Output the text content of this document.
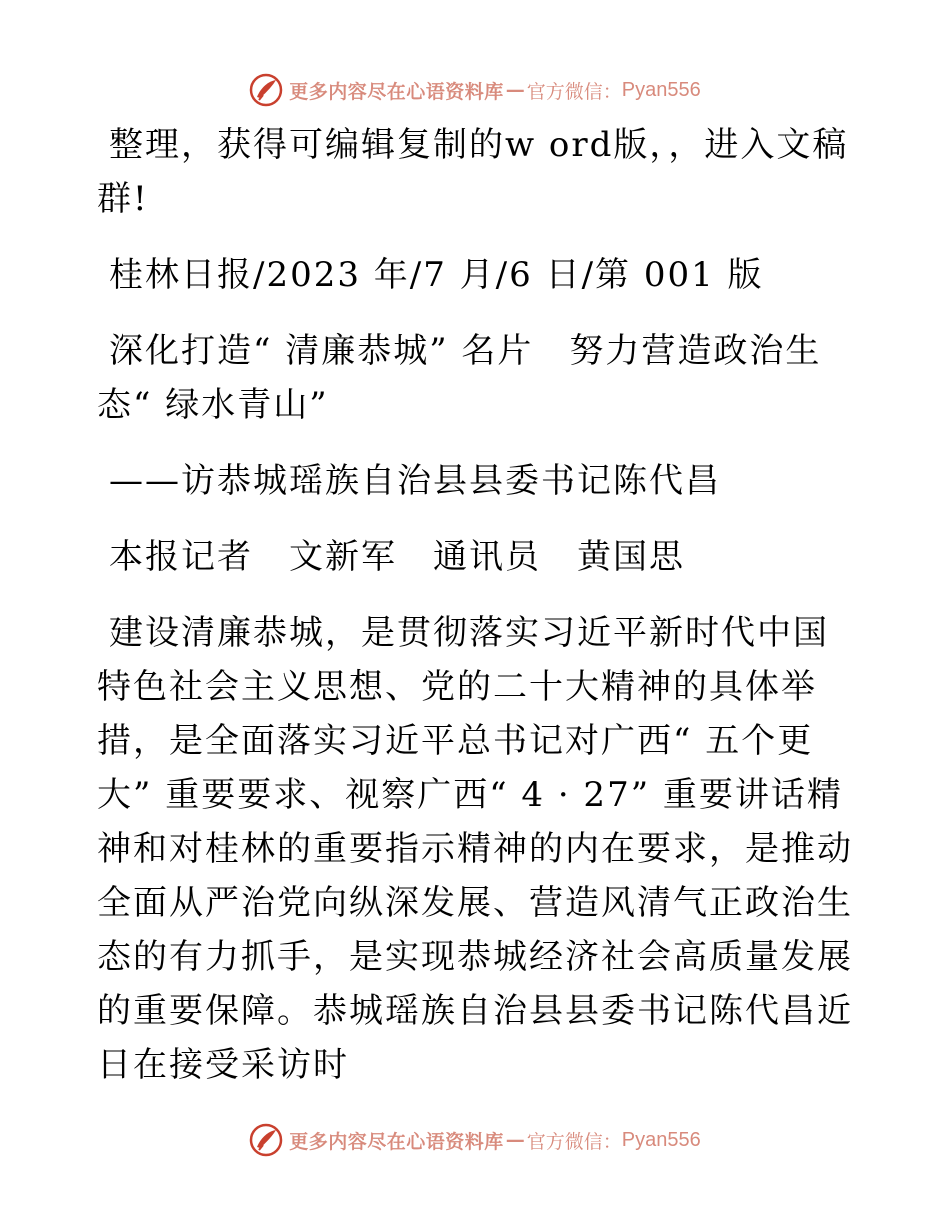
更多内容尽在心语资料库 — 官方微信： Pyan556

整理，获得可编辑复制的w ord版，，进入文稿群!

桂林日报/2023 年/7 月/6 日/第 001 版

深化打造“ 清廉恭城” 名片　努力营造政治生态“ 绿水青山”

——访恭城瑶族自治县县委书记陈代昌

本报记者　文新军　通讯员　黄国思

建设清廉恭城，是贯彻落实习近平新时代中国特色社会主义思想、党的二十大精神的具体举措，是全面落实习近平总书记对广西“ 五个更大” 重要要求、视察广西“ 4 · 27” 重要讲话精神和对桂林的重要指示精神的内在要求，是推动全面从严治党向纵深发展、营造风清气正政治生态的有力抓手，是实现恭城经济社会高质量发展的重要保障。恭城瑶族自治县县委书记陈代昌近日在接受采访时

更多内容尽在心语资料库 — 官方微信： Pyan556
